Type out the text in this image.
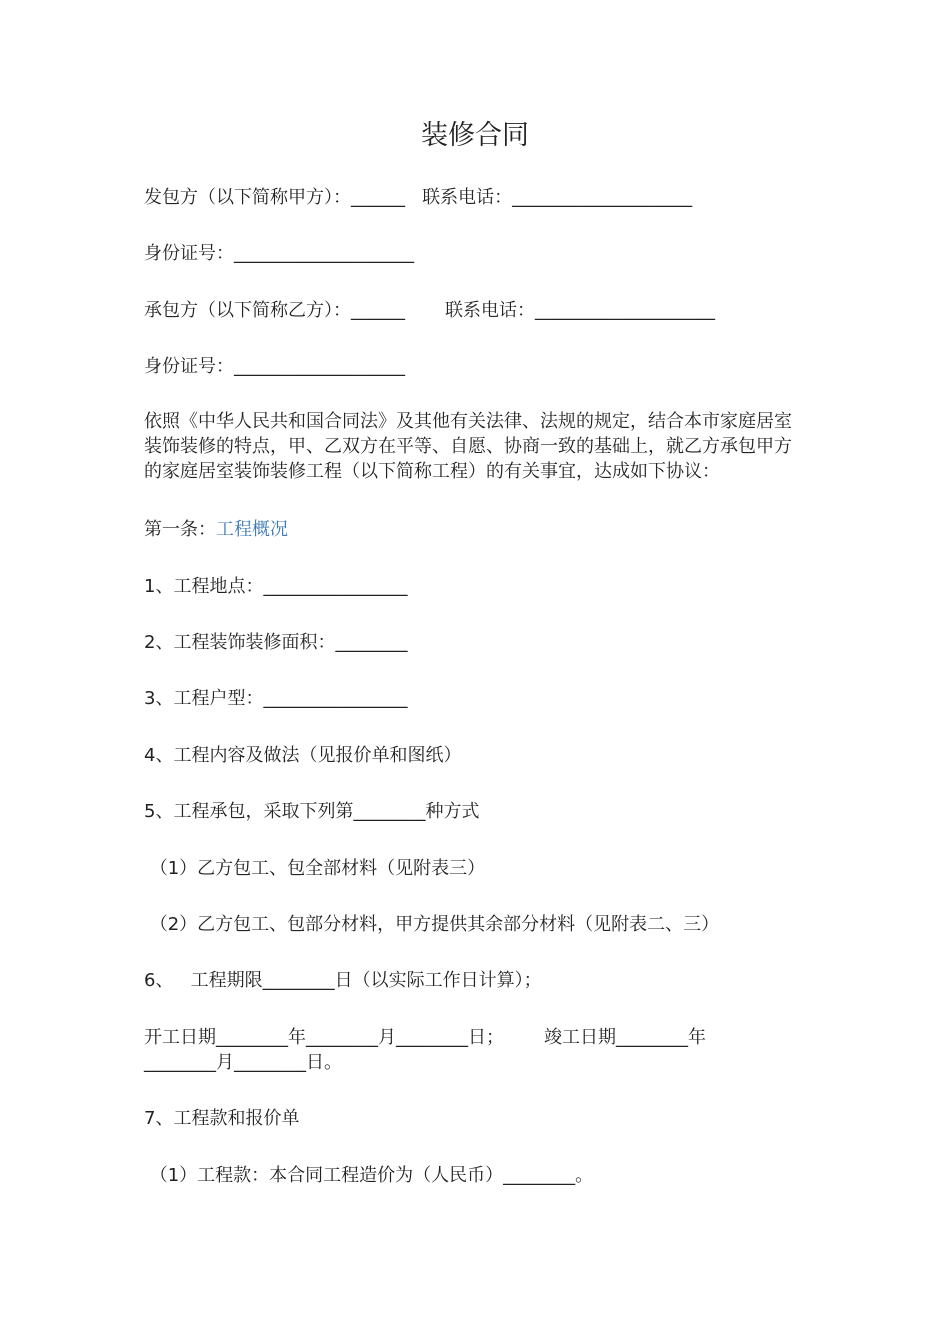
装修合同
发包方（以下简称甲方）：______   联系电话：____________________
身份证号：____________________
承包方（以下简称乙方）：______       联系电话：____________________
身份证号：___________________
依照《中华人民共和国合同法》及其他有关法律、法规的规定，结合本市家庭居室装饰装修的特点，甲、乙双方在平等、自愿、协商一致的基础上，就乙方承包甲方的家庭居室装饰装修工程（以下简称工程）的有关事宜，达成如下协议：
第一条：工程概况
1、工程地点：________________
2、工程装饰装修面积：________
3、工程户型：________________
4、工程内容及做法（见报价单和图纸）
5、工程承包，采取下列第________种方式
（1）乙方包工、包全部材料（见附表三）
（2）乙方包工、包部分材料，甲方提供其余部分材料（见附表二、三）
6、   工程期限________日（以实际工作日计算）；
开工日期________年________月________日；       竣工日期________年
________月________日。
7、工程款和报价单
（1）工程款：本合同工程造价为（人民币）________。
